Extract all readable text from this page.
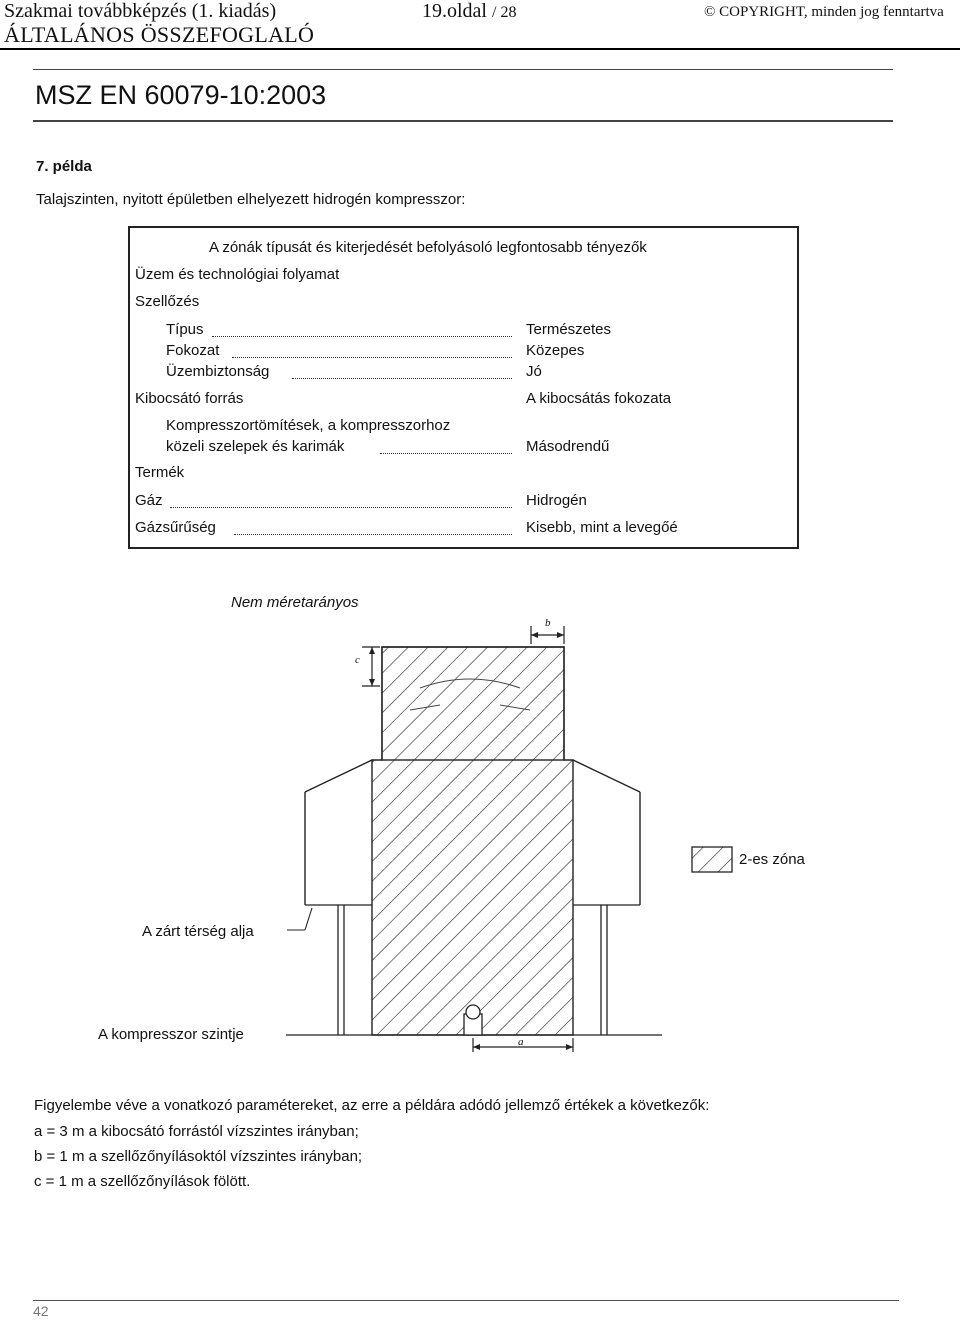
Szakmai továbbképzés (1. kiadás)
ÁLTALÁNOS ÖSSZEFOGLALÓ
19.oldal / 28	© COPYRIGHT, minden jog fenntartva
MSZ EN 60079-10:2003
7. példa
Talajszinten, nyitott épületben elhelyezett hidrogén kompresszor:
A zónák típusát és kiterjedését befolyásoló legfontosabb tényezők
Üzem és technológiai folyamat
Szellőzés
Típus	Természetes
Fokozat	Közepes
Üzembiztonság	Jó
Kibocsátó forrás	A kibocsátás fokozata
Kompresszortömítések, a kompresszorhoz
közeli szelepek és karimák	Másodrendű
Termék
Gáz	Hidrogén
Gázsűrűség	Kisebb, mint a levegőé
Nem méretarányos
b
c
A zárt térség alja
A kompresszor szintje	a
2-es zóna
Figyelembe véve a vonatkozó paramétereket, az erre a példára adódó jellemző értékek a következők:
a = 3 m a kibocsátó forrástól vízszintes irányban;
b = 1 m a szellőzőnyílásoktól vízszintes irányban;
c = 1 m a szellőzőnyílások fölött.
42
